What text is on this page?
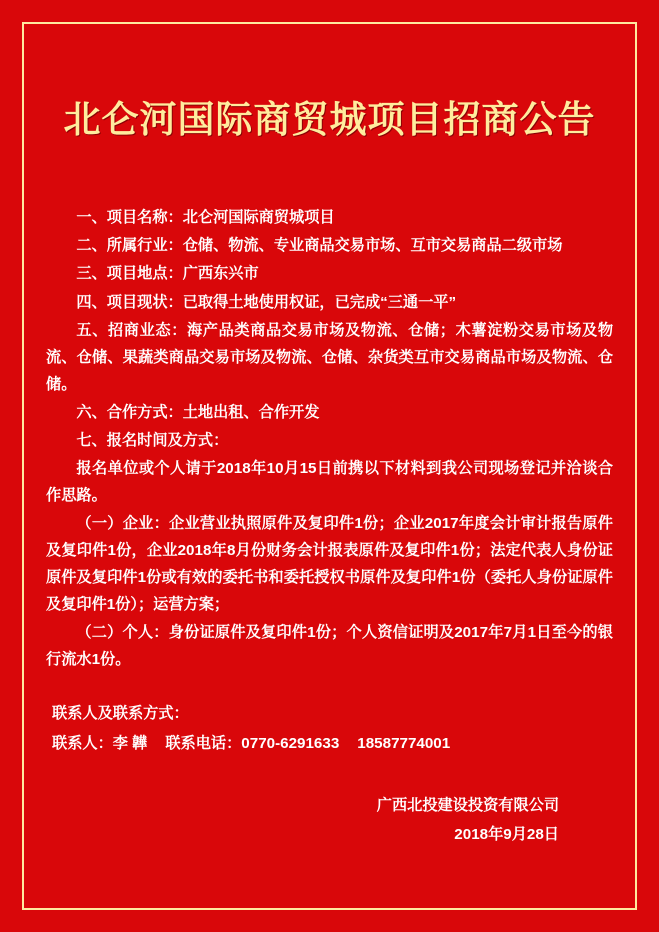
北仑河国际商贸城项目招商公告

一、项目名称：北仑河国际商贸城项目

二、所属行业：仓储、物流、专业商品交易市场、互市交易商品二级市场

三、项目地点：广西东兴市

四、项目现状：已取得土地使用权证，已完成“三通一平”

五、招商业态：海产品类商品交易市场及物流、仓储；木薯淀粉交易市场及物流、仓储、果蔬类商品交易市场及物流、仓储、杂货类互市交易商品市场及物流、仓储。

六、合作方式：土地出租、合作开发

七、报名时间及方式：

报名单位或个人请于2018年10月15日前携以下材料到我公司现场登记并洽谈合作思路。

（一）企业：企业营业执照原件及复印件1份；企业2017年度会计审计报告原件及复印件1份，企业2018年8月份财务会计报表原件及复印件1份；法定代表人身份证原件及复印件1份或有效的委托书和委托授权书原件及复印件1份（委托人身份证原件及复印件1份）；运营方案；

（二）个人：身份证原件及复印件1份；个人资信证明及2017年7月1日至今的银行流水1份。

联系人及联系方式：

联系人：李 韡 联系电话：0770-6291633 18587774001

广西北投建设投资有限公司

2018年9月28日
